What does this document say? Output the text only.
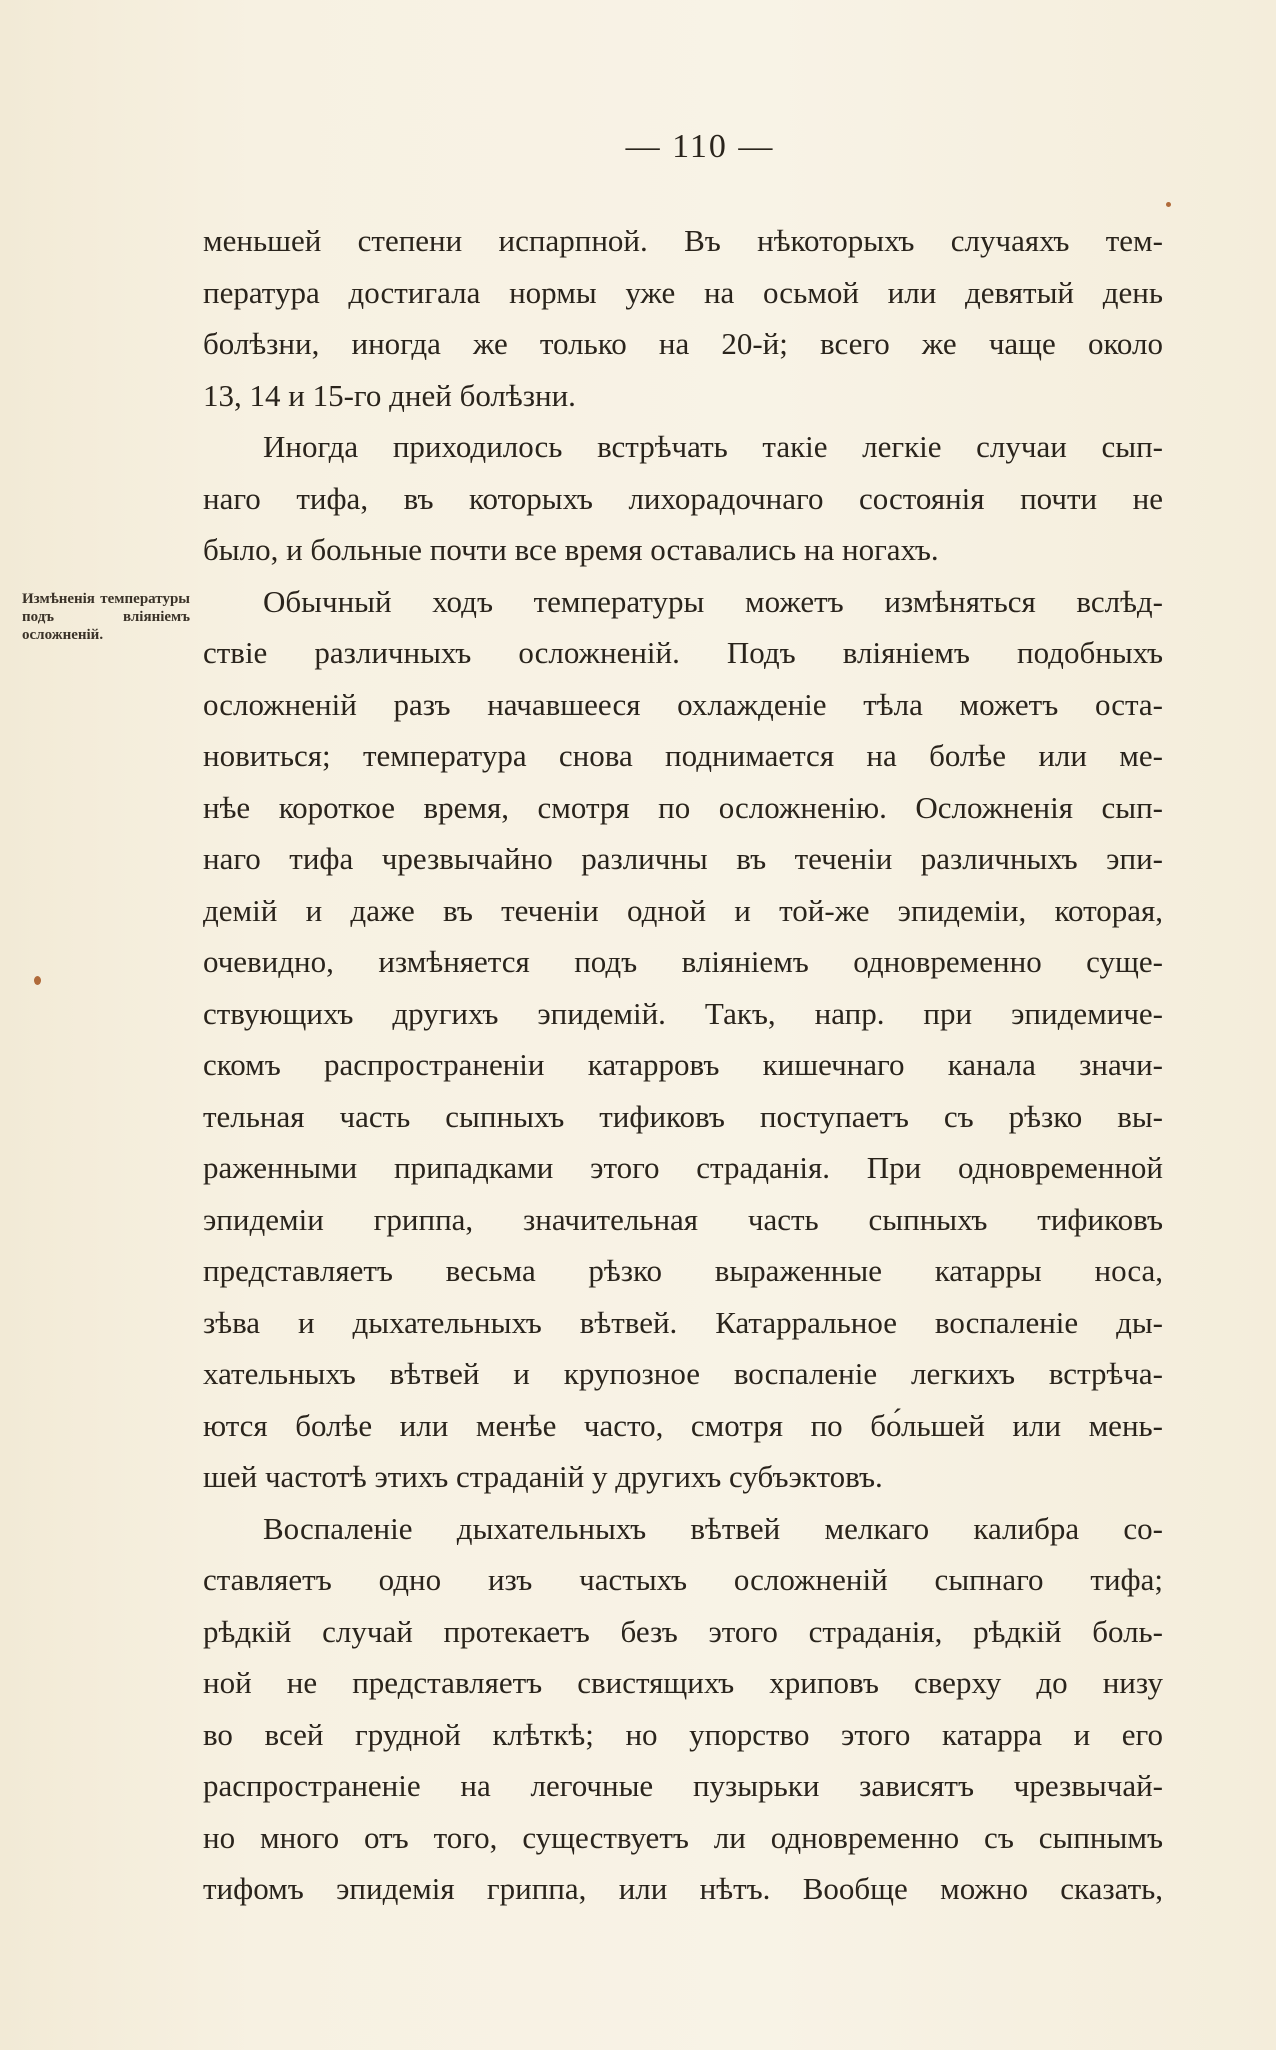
— 110 —
Измѣненія температуры подъ вліяніемъ осложненій.
меньшей степени испарпной. Въ нѣкоторыхъ случаяхъ тем-
пература достигала нормы уже на осьмой или девятый день
болѣзни, иногда же только на 20-й; всего же чаще около
13, 14 и 15-го дней болѣзни.
Иногда приходилось встрѣчать такіе легкіе случаи сып-
наго тифа, въ которыхъ лихорадочнаго состоянія почти не
было, и больные почти все время оставались на ногахъ.
Обычный ходъ температуры можетъ измѣняться вслѣд-
ствіе различныхъ осложненій. Подъ вліяніемъ подобныхъ
осложненій разъ начавшееся охлажденіе тѣла можетъ оста-
новиться; температура снова поднимается на болѣе или ме-
нѣе короткое время, смотря по осложненію. Осложненія сып-
наго тифа чрезвычайно различны въ теченіи различныхъ эпи-
демій и даже въ теченіи одной и той-же эпидеміи, которая,
очевидно, измѣняется подъ вліяніемъ одновременно суще-
ствующихъ другихъ эпидемій. Такъ, напр. при эпидемиче-
скомъ распространеніи катарровъ кишечнаго канала значи-
тельная часть сыпныхъ тификовъ поступаетъ съ рѣзко вы-
раженными припадками этого страданія. При одновременной
эпидеміи гриппа, значительная часть сыпныхъ тификовъ
представляетъ весьма рѣзко выраженные катарры носа,
зѣва и дыхательныхъ вѣтвей. Катарральное воспаленіе ды-
хательныхъ вѣтвей и крупозное воспаленіе легкихъ встрѣча-
ются болѣе или менѣе часто, смотря по бо́льшей или мень-
шей частотѣ этихъ страданій у другихъ субъэктовъ.
Воспаленіе дыхательныхъ вѣтвей мелкаго калибра со-
ставляетъ одно изъ частыхъ осложненій сыпнаго тифа;
рѣдкій случай протекаетъ безъ этого страданія, рѣдкій боль-
ной не представляетъ свистящихъ хриповъ сверху до низу
во всей грудной клѣткѣ; но упорство этого катарра и его
распространеніе на легочные пузырьки зависятъ чрезвычай-
но много отъ того, существуетъ ли одновременно съ сыпнымъ
тифомъ эпидемія гриппа, или нѣтъ. Вообще можно сказать,
